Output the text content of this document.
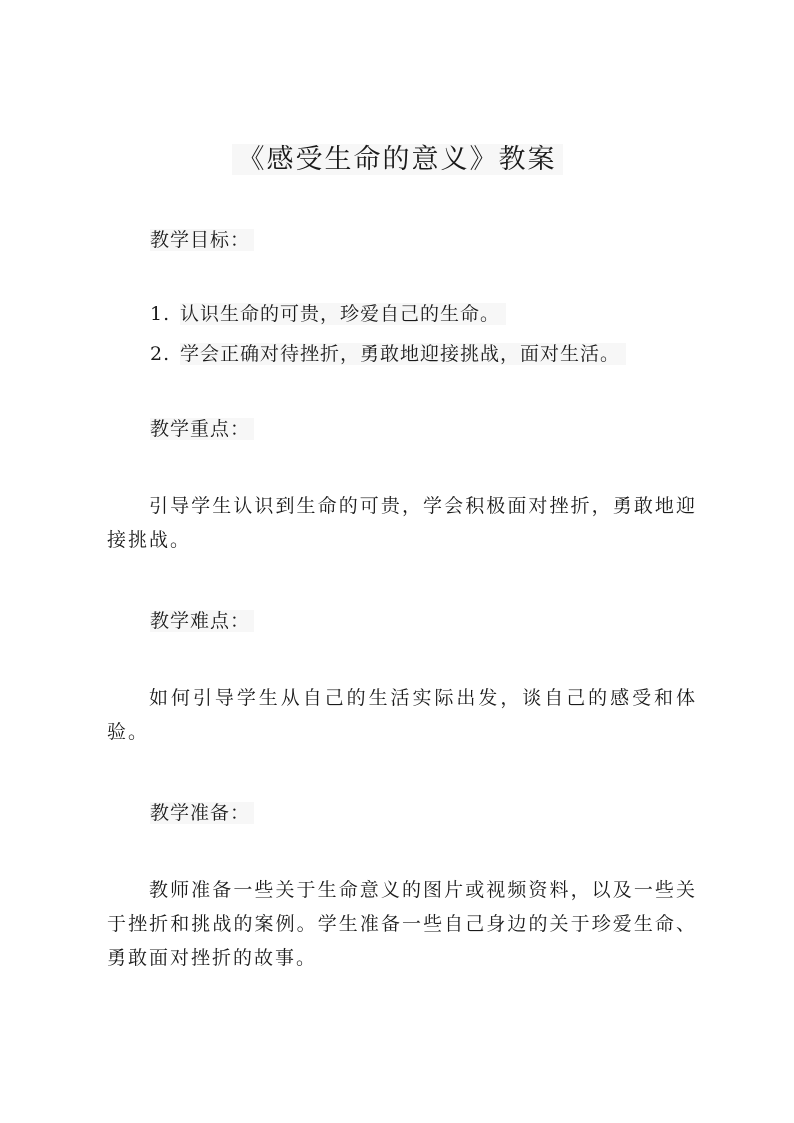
《感受生命的意义》教案
教学目标：
1. 认识生命的可贵，珍爱自己的生命。
2. 学会正确对待挫折，勇敢地迎接挑战，面对生活。
教学重点：
引导学生认识到生命的可贵，学会积极面对挫折，勇敢地迎接挑战。
教学难点：
如何引导学生从自己的生活实际出发，谈自己的感受和体验。
教学准备：
教师准备一些关于生命意义的图片或视频资料，以及一些关于挫折和挑战的案例。学生准备一些自己身边的关于珍爱生命、勇敢面对挫折的故事。
